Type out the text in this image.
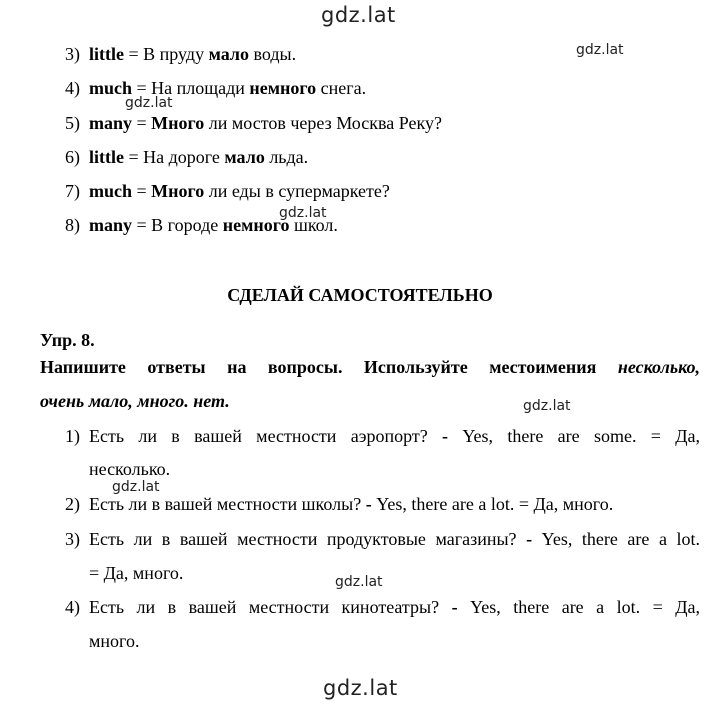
gdz.lat
gdz.lat
gdz.lat
gdz.lat
gdz.lat
gdz.lat
gdz.lat
gdz.lat
3) little = В пруду мало воды.
4) much = На площади немного снега.
5) many = Много ли мостов через Москва Реку?
6) little = На дороге мало льда.
7) much = Много ли еды в супермаркете?
8) many = В городе немного школ.
СДЕЛАЙ САМОСТОЯТЕЛЬНО
Упр. 8.
Напишите ответы на вопросы. Используйте местоимения несколько,
очень мало, много. нет.
1) Есть ли в вашей местности аэропорт? - Yes, there are some. = Да,
несколько.
2) Есть ли в вашей местности школы? - Yes, there are a lot. = Да, много.
3) Есть ли в вашей местности продуктовые магазины? - Yes, there are a lot.
= Да, много.
4) Есть ли в вашей местности кинотеатры? - Yes, there are a lot. = Да,
много.
